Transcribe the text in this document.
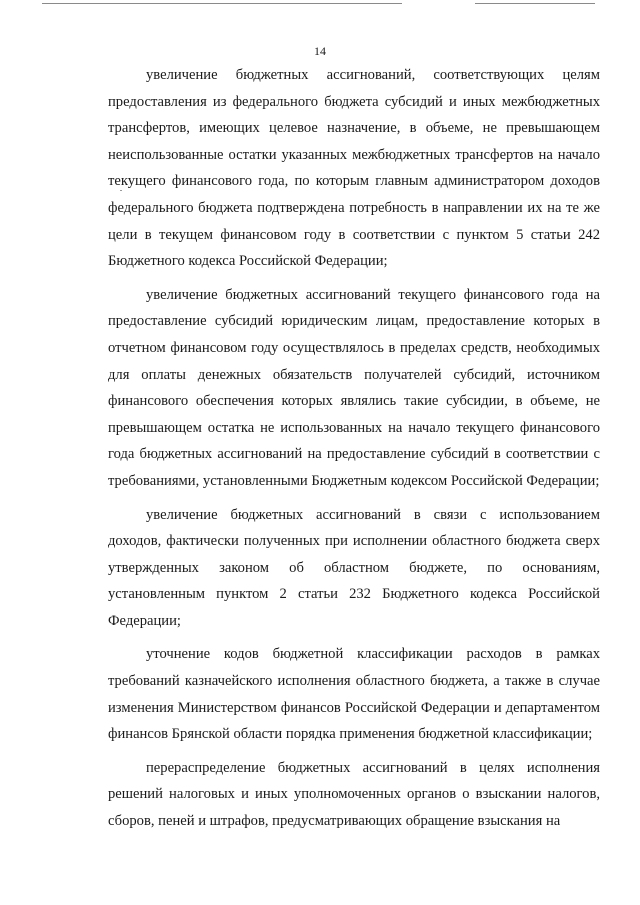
14

увеличение бюджетных ассигнований, соответствующих целям предоставления из федерального бюджета субсидий и иных межбюджетных трансфертов, имеющих целевое назначение, в объеме, не превышающем неиспользованные остатки указанных межбюджетных трансфертов на начало текущего финансового года, по которым главным администратором доходов федерального бюджета подтверждена потребность в направлении их на те же цели в текущем финансовом году в соответствии с пунктом 5 статьи 242 Бюджетного кодекса Российской Федерации;

увеличение бюджетных ассигнований текущего финансового года на предоставление субсидий юридическим лицам, предоставление которых в отчетном финансовом году осуществлялось в пределах средств, необходимых для оплаты денежных обязательств получателей субсидий, источником финансового обеспечения которых являлись такие субсидии, в объеме, не превышающем остатка не использованных на начало текущего финансового года бюджетных ассигнований на предоставление субсидий в соответствии с требованиями, установленными Бюджетным кодексом Российской Федерации;

увеличение бюджетных ассигнований в связи с использованием доходов, фактически полученных при исполнении областного бюджета сверх утвержденных законом об областном бюджете, по основаниям, установленным пунктом 2 статьи 232 Бюджетного кодекса Российской Федерации;

уточнение кодов бюджетной классификации расходов в рамках требований казначейского исполнения областного бюджета, а также в случае изменения Министерством финансов Российской Федерации и департаментом финансов Брянской области порядка применения бюджетной классификации;

перераспределение бюджетных ассигнований в целях исполнения решений налоговых и иных уполномоченных органов о взыскании налогов, сборов, пеней и штрафов, предусматривающих обращение взыскания на
